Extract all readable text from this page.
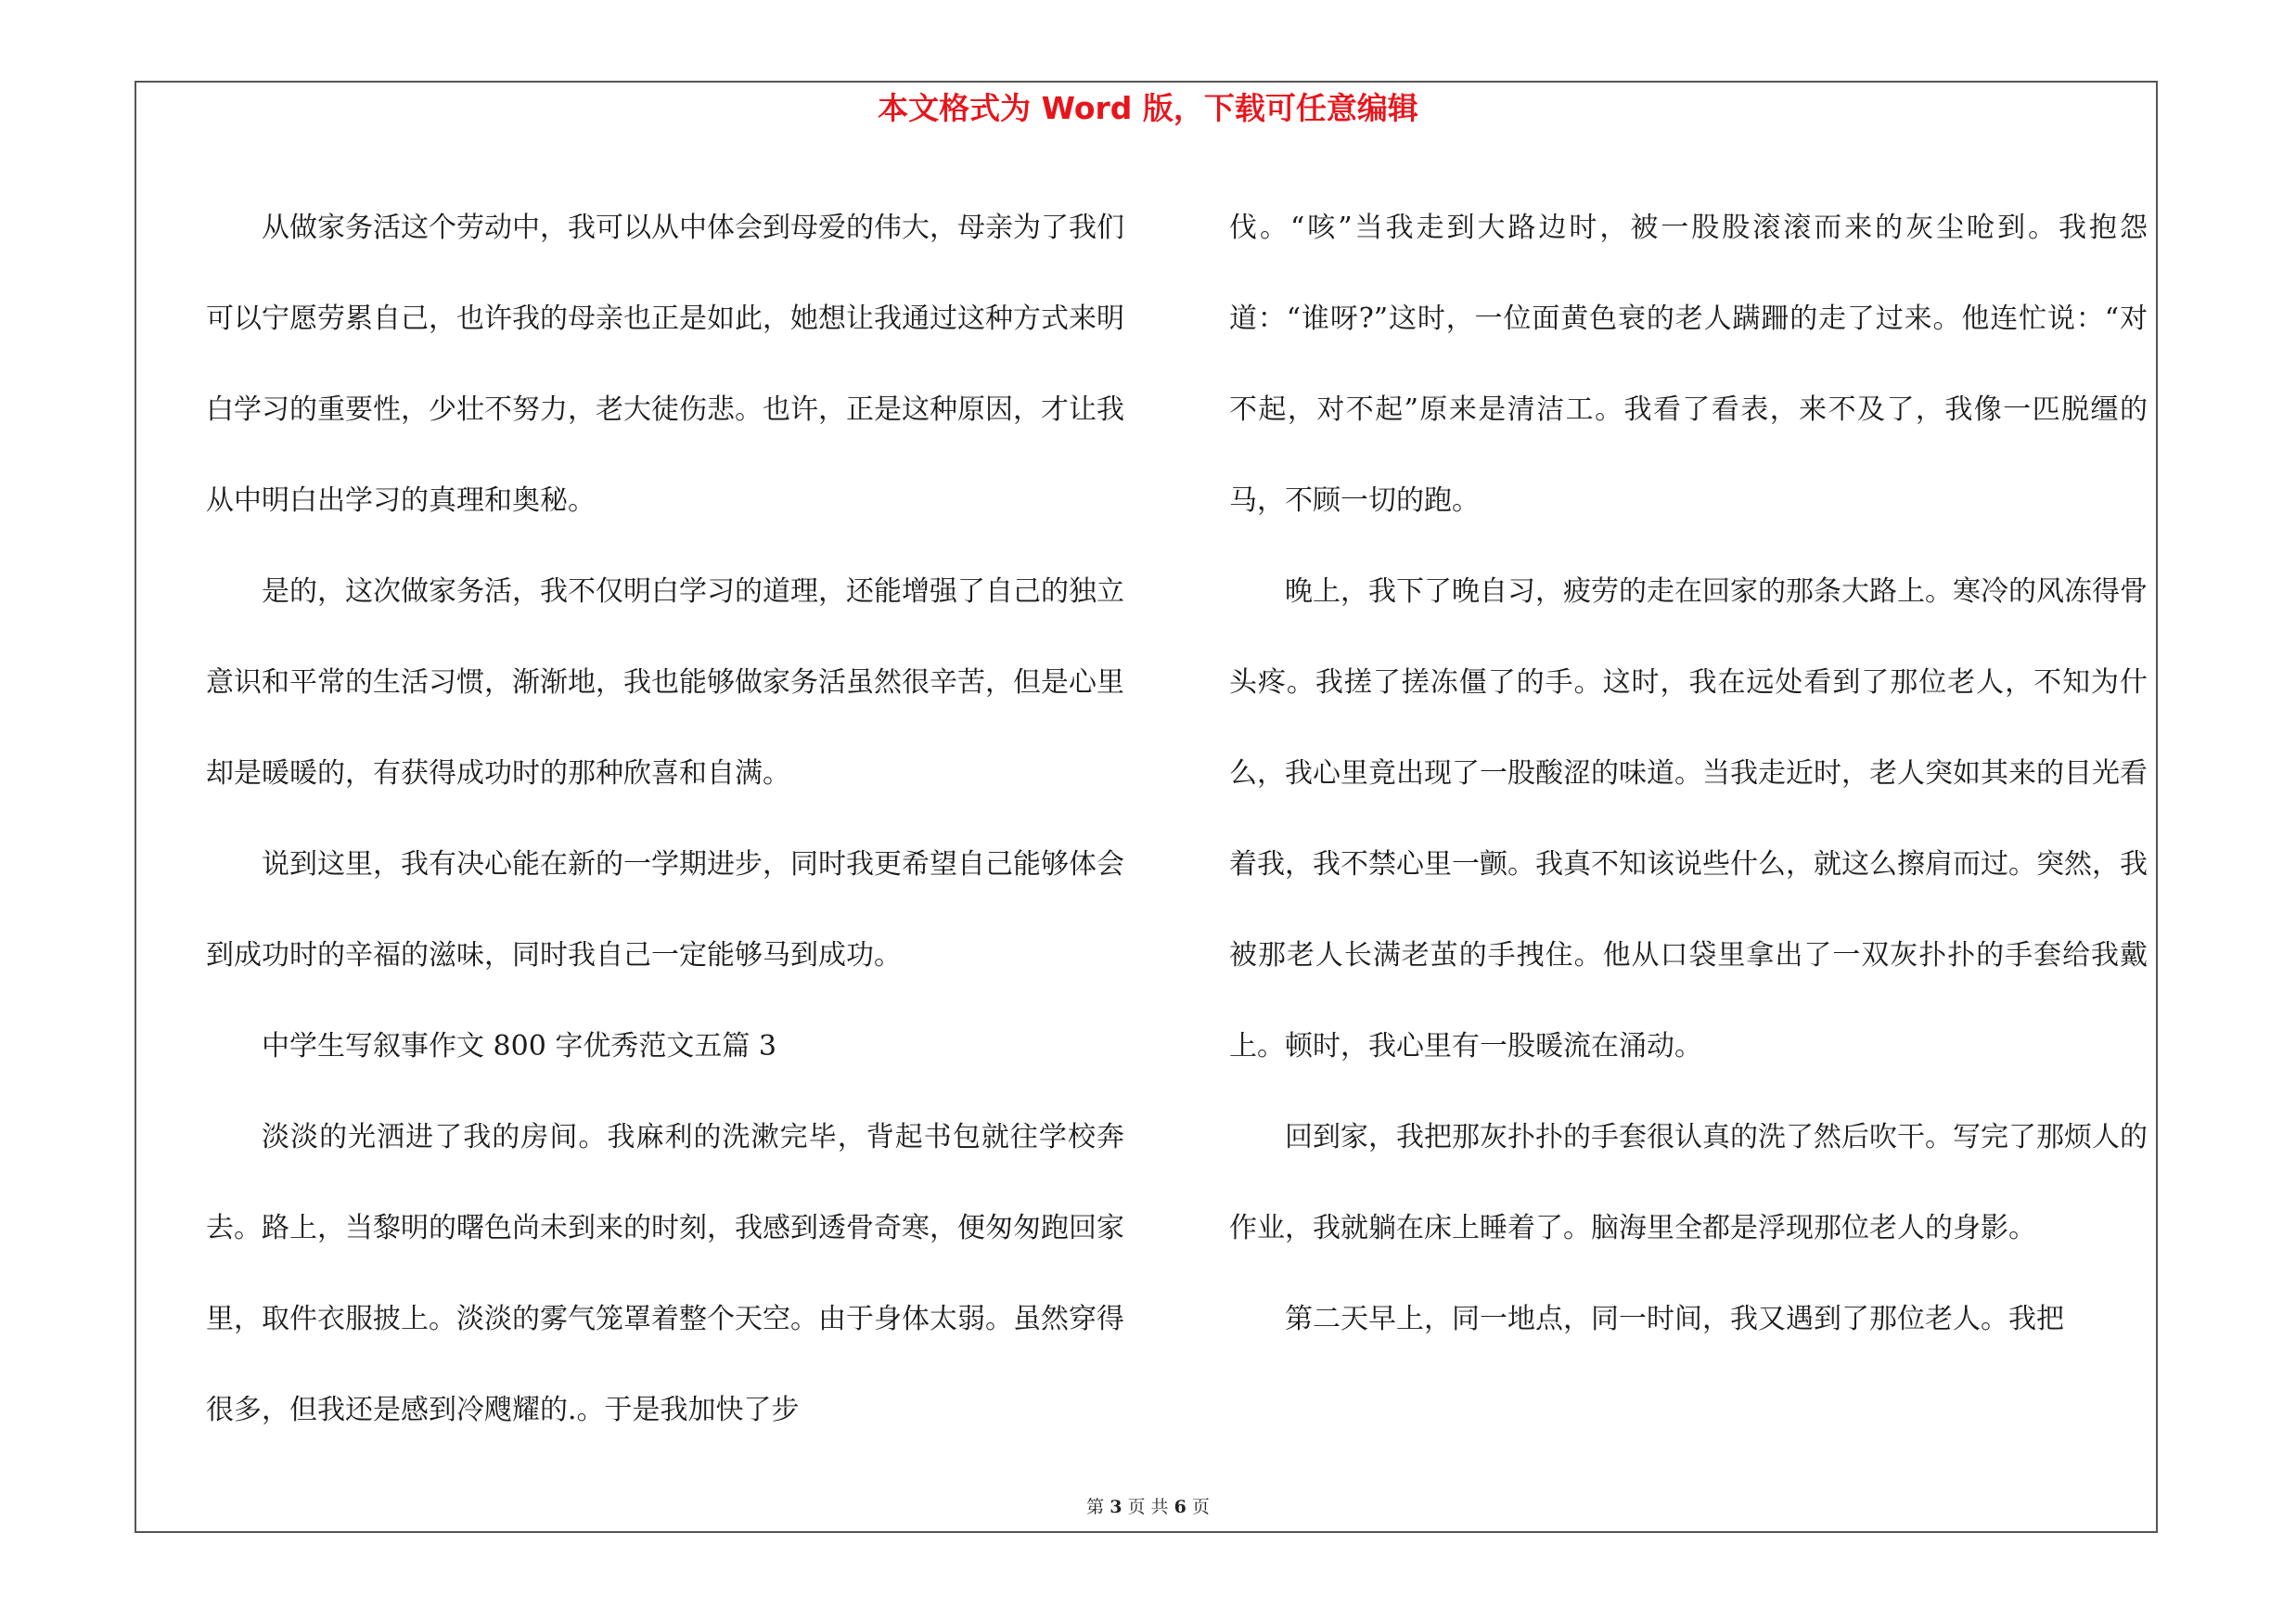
本文格式为 Word 版，下载可任意编辑

从做家务活这个劳动中，我可以从中体会到母爱的伟大，母亲为了我们可以宁愿劳累自己，也许我的母亲也正是如此，她想让我通过这种方式来明白学习的重要性，少壮不努力，老大徒伤悲。也许，正是这种原因，才让我从中明白出学习的真理和奥秘。

是的，这次做家务活，我不仅明白学习的道理，还能增强了自己的独立意识和平常的生活习惯，渐渐地，我也能够做家务活虽然很辛苦，但是心里却是暖暖的，有获得成功时的那种欣喜和自满。

说到这里，我有决心能在新的一学期进步，同时我更希望自己能够体会到成功时的辛福的滋味，同时我自己一定能够马到成功。

中学生写叙事作文 800 字优秀范文五篇 3

淡淡的光洒进了我的房间。我麻利的洗漱完毕，背起书包就往学校奔去。路上，当黎明的曙色尚未到来的时刻，我感到透骨奇寒，便匆匆跑回家里，取件衣服披上。淡淡的雾气笼罩着整个天空。由于身体太弱。虽然穿得很多，但我还是感到冷飕耀的.。于是我加快了步

伐。“咳”当我走到大路边时，被一股股滚滚而来的灰尘呛到。我抱怨道：“谁呀?”这时，一位面黄色衰的老人蹒跚的走了过来。他连忙说：“对不起，对不起”原来是清洁工。我看了看表，来不及了，我像一匹脱缰的马，不顾一切的跑。

晚上，我下了晚自习，疲劳的走在回家的那条大路上。寒冷的风冻得骨头疼。我搓了搓冻僵了的手。这时，我在远处看到了那位老人，不知为什么，我心里竟出现了一股酸涩的味道。当我走近时，老人突如其来的目光看着我，我不禁心里一颤。我真不知该说些什么，就这么擦肩而过。突然，我被那老人长满老茧的手拽住。他从口袋里拿出了一双灰扑扑的手套给我戴上。顿时，我心里有一股暖流在涌动。

回到家，我把那灰扑扑的手套很认真的洗了然后吹干。写完了那烦人的作业，我就躺在床上睡着了。脑海里全都是浮现那位老人的身影。

第二天早上，同一地点，同一时间，我又遇到了那位老人。我把

第 3 页 共 6 页
